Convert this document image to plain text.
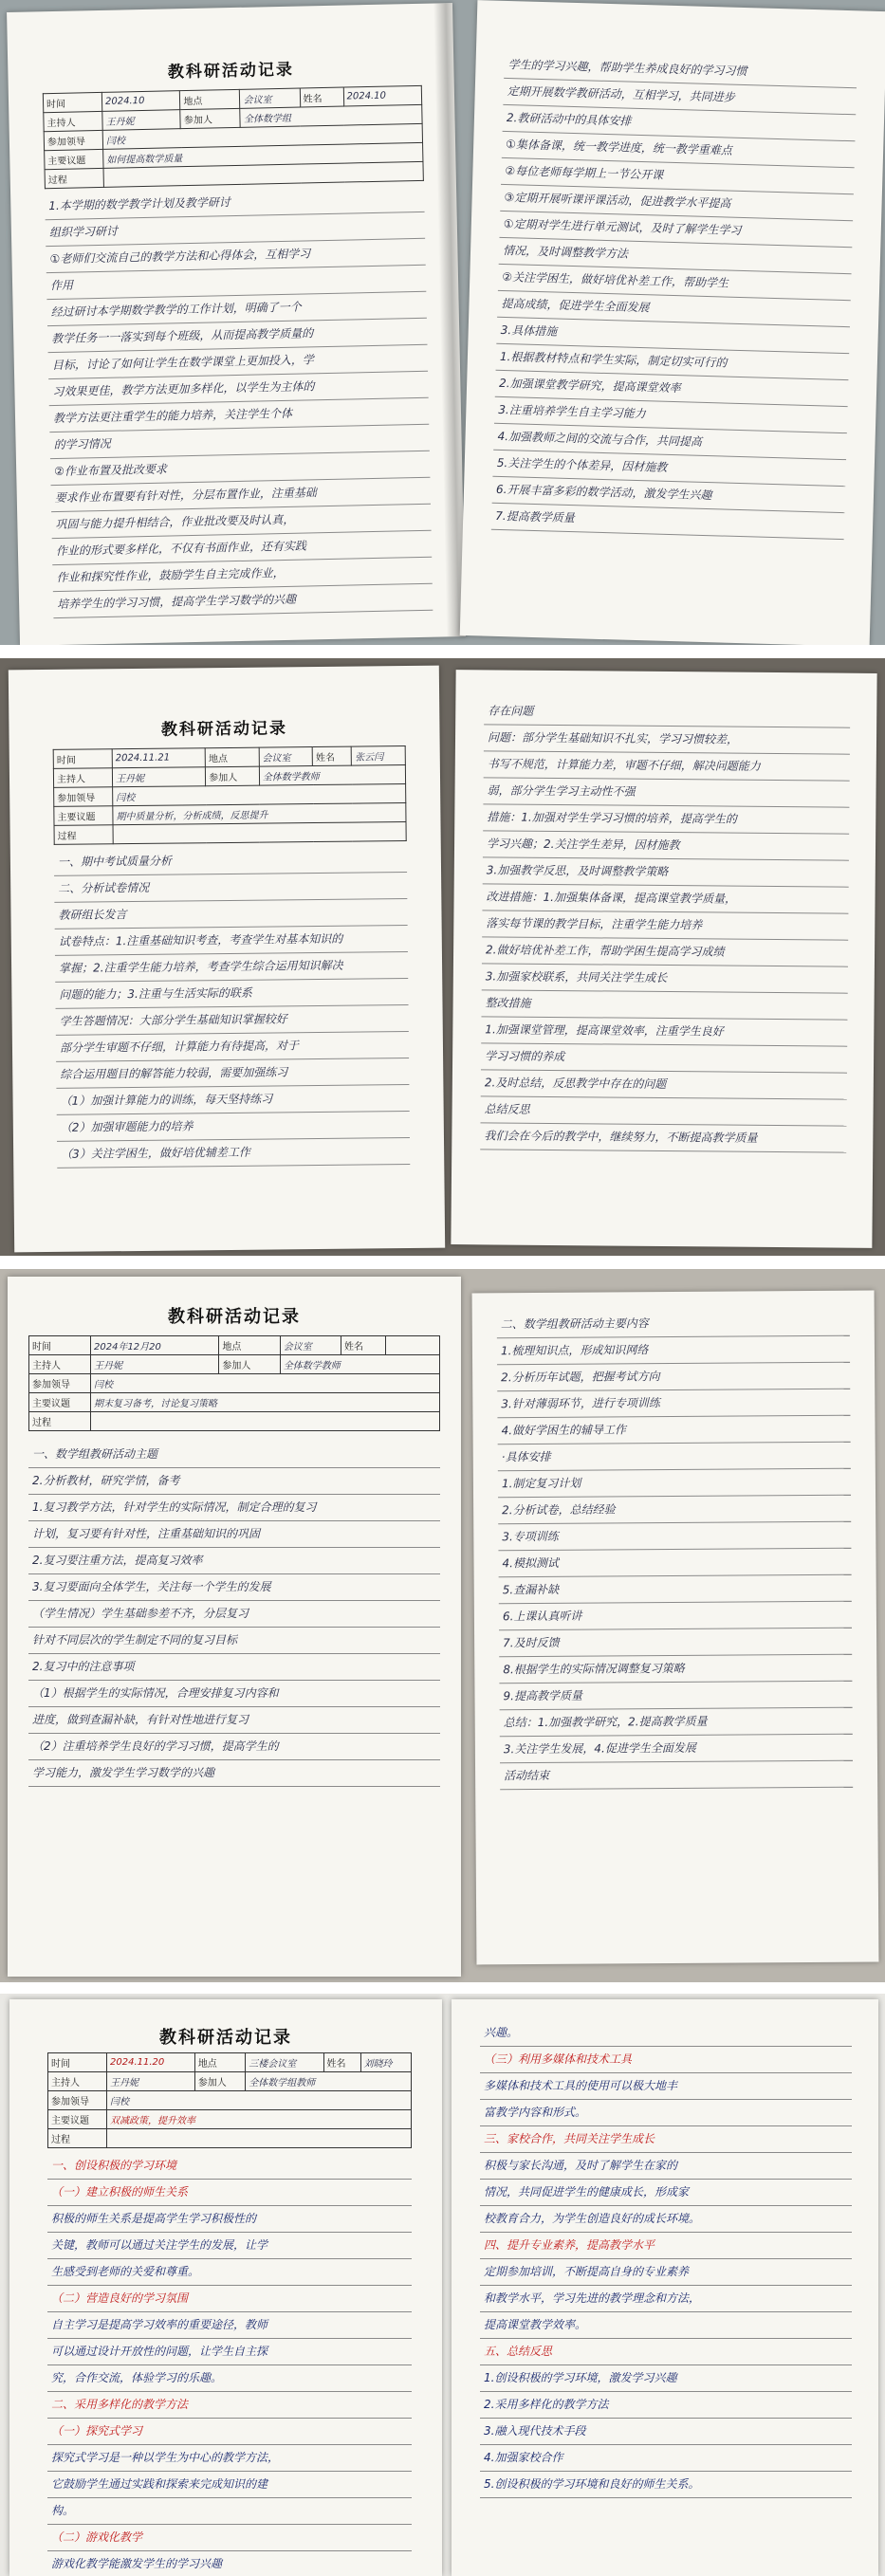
教科研活动记录
时间	2024.10	地点	会议室	姓名	2024.10
主持人	王丹妮	参加人	全体数学组		
参加领导	闫校				
主要议题	如何提高数学质量				
过程					
1.本学期的数学教学计划及教学研讨
组织学习研讨
①老师们交流自己的教学方法和心得体会，互相学习
作用
经过研讨本学期数学教学的工作计划，明确了一个
教学任务一一落实到每个班级，从而提高教学质量的
目标，讨论了如何让学生在数学课堂上更加投入，学
习效果更佳，教学方法更加多样化，以学生为主体的
教学方法更注重学生的能力培养，关注学生个体
的学习情况
②作业布置及批改要求
要求作业布置要有针对性，分层布置作业，注重基础
巩固与能力提升相结合，作业批改要及时认真，
作业的形式要多样化，不仅有书面作业，还有实践
作业和探究性作业，鼓励学生自主完成作业，
培养学生的学习习惯，提高学生学习数学的兴趣
学生的学习兴趣，帮助学生养成良好的学习习惯
定期开展数学教研活动，互相学习，共同进步
2.教研活动中的具体安排
①集体备课，统一教学进度，统一教学重难点
②每位老师每学期上一节公开课
③定期开展听课评课活动，促进教学水平提高
①定期对学生进行单元测试，及时了解学生学习
情况，及时调整教学方法
②关注学困生，做好培优补差工作，帮助学生
提高成绩，促进学生全面发展
3.具体措施
1.根据教材特点和学生实际，制定切实可行的
2.加强课堂教学研究，提高课堂效率
3.注重培养学生自主学习能力
4.加强教师之间的交流与合作，共同提高
5.关注学生的个体差异，因材施教
6.开展丰富多彩的数学活动，激发学生兴趣
7.提高教学质量
教科研活动记录
时间	2024.11.21	地点	会议室	姓名	张云闫
主持人	王丹妮	参加人	全体数学教师		
参加领导	闫校				
主要议题	期中质量分析，分析成绩，反思提升				
过程					
一、期中考试质量分析
二、分析试卷情况
教研组长发言
试卷特点：1.注重基础知识考查，考查学生对基本知识的
掌握；2.注重学生能力培养，考查学生综合运用知识解决
问题的能力；3.注重与生活实际的联系
学生答题情况：大部分学生基础知识掌握较好
部分学生审题不仔细，计算能力有待提高，对于
综合运用题目的解答能力较弱，需要加强练习
（1）加强计算能力的训练，每天坚持练习
（2）加强审题能力的培养
（3）关注学困生，做好培优辅差工作
存在问题
问题：部分学生基础知识不扎实，学习习惯较差，
书写不规范，计算能力差，审题不仔细，解决问题能力
弱，部分学生学习主动性不强
措施：1.加强对学生学习习惯的培养，提高学生的
学习兴趣；2.关注学生差异，因材施教
3.加强教学反思，及时调整教学策略
改进措施：1.加强集体备课，提高课堂教学质量，
落实每节课的教学目标，注重学生能力培养
2.做好培优补差工作，帮助学困生提高学习成绩
3.加强家校联系，共同关注学生成长
整改措施
1.加强课堂管理，提高课堂效率，注重学生良好
学习习惯的养成
2.及时总结，反思教学中存在的问题
总结反思
我们会在今后的教学中，继续努力，不断提高教学质量
教科研活动记录
时间	2024年12月20	地点	会议室	姓名	
主持人	王丹妮	参加人	全体数学教师		
参加领导	闫校				
主要议题	期末复习备考，讨论复习策略				
过程					
一、数学组教研活动主题
2.分析教材，研究学情，备考
1.复习教学方法，针对学生的实际情况，制定合理的复习
计划，复习要有针对性，注重基础知识的巩固
2.复习要注重方法，提高复习效率
3.复习要面向全体学生，关注每一个学生的发展
（学生情况）学生基础参差不齐，分层复习
针对不同层次的学生制定不同的复习目标
2.复习中的注意事项
（1）根据学生的实际情况，合理安排复习内容和
进度，做到查漏补缺，有针对性地进行复习
（2）注重培养学生良好的学习习惯，提高学生的
学习能力，激发学生学习数学的兴趣
二、数学组教研活动主要内容
1.梳理知识点，形成知识网络
2.分析历年试题，把握考试方向
3.针对薄弱环节，进行专项训练
4.做好学困生的辅导工作
·具体安排
1.制定复习计划
2.分析试卷，总结经验
3.专项训练
4.模拟测试
5.查漏补缺
6.上课认真听讲
7.及时反馈
8.根据学生的实际情况调整复习策略
9.提高教学质量
总结：1.加强教学研究，2.提高教学质量
3.关注学生发展，4.促进学生全面发展
活动结束
教科研活动记录
时间	2024.11.20	地点	三楼会议室	姓名	刘晓玲
主持人	王丹妮	参加人	全体数学组教师		
参加领导	闫校				
主要议题	双减政策，提升效率				
过程					
一、创设积极的学习环境
（一）建立积极的师生关系
积极的师生关系是提高学生学习积极性的
关键，教师可以通过关注学生的发展，让学
生感受到老师的关爱和尊重。
（二）营造良好的学习氛围
自主学习是提高学习效率的重要途径，教师
可以通过设计开放性的问题，让学生自主探
究，合作交流，体验学习的乐趣。
二、采用多样化的教学方法
（一）探究式学习
探究式学习是一种以学生为中心的教学方法，
它鼓励学生通过实践和探索来完成知识的建
构。
（二）游戏化教学
游戏化教学能激发学生的学习兴趣
兴趣。
（三）利用多媒体和技术工具
多媒体和技术工具的使用可以极大地丰
富教学内容和形式。
三、家校合作，共同关注学生成长
积极与家长沟通，及时了解学生在家的
情况，共同促进学生的健康成长，形成家
校教育合力，为学生创造良好的成长环境。
四、提升专业素养，提高教学水平
定期参加培训，不断提高自身的专业素养
和教学水平，学习先进的教学理念和方法，
提高课堂教学效率。
五、总结反思
1.创设积极的学习环境，激发学习兴趣
2.采用多样化的教学方法
3.融入现代技术手段
4.加强家校合作
5.创设积极的学习环境和良好的师生关系。
